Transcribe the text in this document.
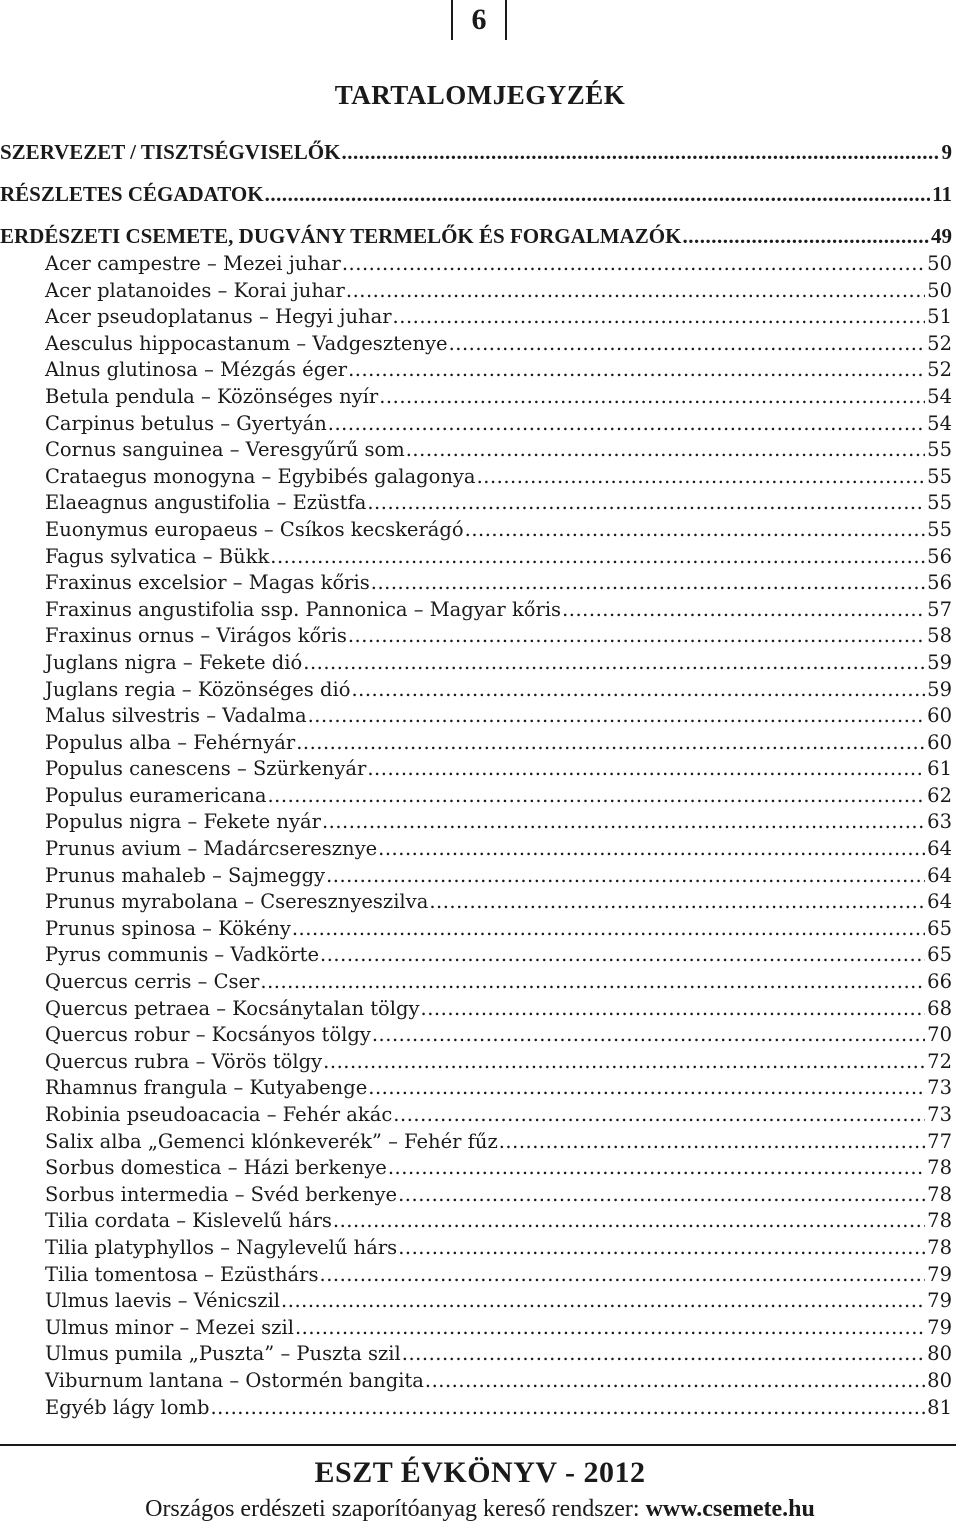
6
TARTALOMJEGYZÉK
SZERVEZET / TISZTSÉGVISELŐK .....	9
RÉSZLETES CÉGADATOK .....	11
ERDÉSZETI CSEMETE, DUGVÁNY TERMELŐK ÉS FORGALMAZÓK .....	49
Acer campestre – Mezei juhar .....	50
Acer platanoides – Korai juhar .....	50
Acer pseudoplatanus – Hegyi juhar .....	51
Aesculus hippocastanum – Vadgesztenye .....	52
Alnus glutinosa – Mézgás éger .....	52
Betula pendula – Közönséges nyír .....	54
Carpinus betulus – Gyertyán .....	54
Cornus sanguinea – Veresgyűrű som .....	55
Crataegus monogyna – Egybibés galagonya .....	55
Elaeagnus angustifolia – Ezüstfa .....	55
Euonymus europaeus – Csíkos kecskerágó .....	55
Fagus sylvatica – Bükk .....	56
Fraxinus excelsior – Magas kőris .....	56
Fraxinus angustifolia ssp. Pannonica – Magyar kőris .....	57
Fraxinus ornus – Virágos kőris .....	58
Juglans nigra – Fekete dió .....	59
Juglans regia – Közönséges dió .....	59
Malus silvestris – Vadalma .....	60
Populus alba – Fehérnyár .....	60
Populus canescens – Szürkenyár .....	61
Populus euramericana .....	62
Populus nigra – Fekete nyár .....	63
Prunus avium – Madárcseresznye .....	64
Prunus mahaleb – Sajmeggy .....	64
Prunus myrabolana – Cseresznyeszilva .....	64
Prunus spinosa – Kökény .....	65
Pyrus communis – Vadkörte .....	65
Quercus cerris – Cser .....	66
Quercus petraea – Kocsánytalan tölgy .....	68
Quercus robur – Kocsányos tölgy .....	70
Quercus rubra – Vörös tölgy .....	72
Rhamnus frangula – Kutyabenge .....	73
Robinia pseudoacacia – Fehér akác .....	73
Salix alba „Gemenci klónkeverék” – Fehér fűz .....	77
Sorbus domestica – Házi berkenye .....	78
Sorbus intermedia – Svéd berkenye .....	78
Tilia cordata – Kislevelű hárs .....	78
Tilia platyphyllos – Nagylevelű hárs .....	78
Tilia tomentosa – Ezüsthárs .....	79
Ulmus laevis – Vénicszil .....	79
Ulmus minor – Mezei szil .....	79
Ulmus pumila „Puszta” – Puszta szil .....	80
Viburnum lantana – Ostormén bangita .....	80
Egyéb lágy lomb .....	81
ESZT ÉVKÖNYV - 2012
Országos erdészeti szaporítóanyag kereső rendszer: www.csemete.hu
